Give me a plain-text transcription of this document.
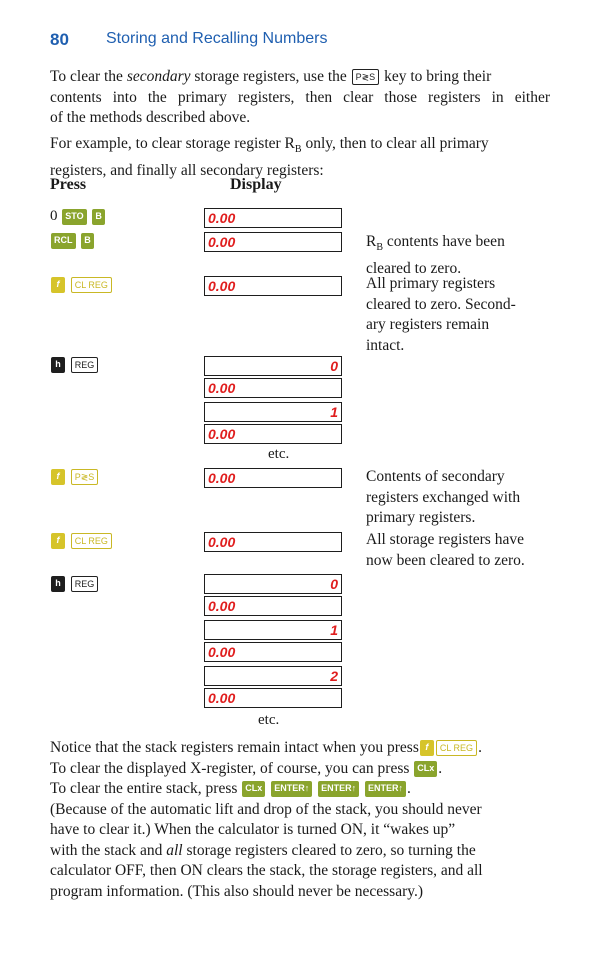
80 Storing and Recalling Numbers
To clear the secondary storage registers, use the P≷S key to bring their
contents into the primary registers, then clear those registers in either
of the methods described above.
For example, to clear storage register $R_B$ only, then to clear all primary
registers, and finally all secondary registers:
Press	Display
0 STO B	0.00
RCL B	0.00	$R_B$ contents have been
cleared to zero.
f CL REG	0.00	All primary registers
cleared to zero. Second-
ary registers remain
intact.
h REG	0
0.00
1
0.00
etc.
f P≷S	0.00	Contents of secondary
registers exchanged with
primary registers.
f CL REG	0.00	All storage registers have
now been cleared to zero.
h REG	0
0.00
1
0.00
2
0.00
etc.
Notice that the stack registers remain intact when you press f CL REG .
To clear the displayed X-register, of course, you can press CLx .
To clear the entire stack, press CLx ENTER↑ ENTER↑ ENTER↑ .
(Because of the automatic lift and drop of the stack, you should never
have to clear it.) When the calculator is turned ON, it “wakes up”
with the stack and all storage registers cleared to zero, so turning the
calculator OFF, then ON clears the stack, the storage registers, and all
program information. (This also should never be necessary.)
